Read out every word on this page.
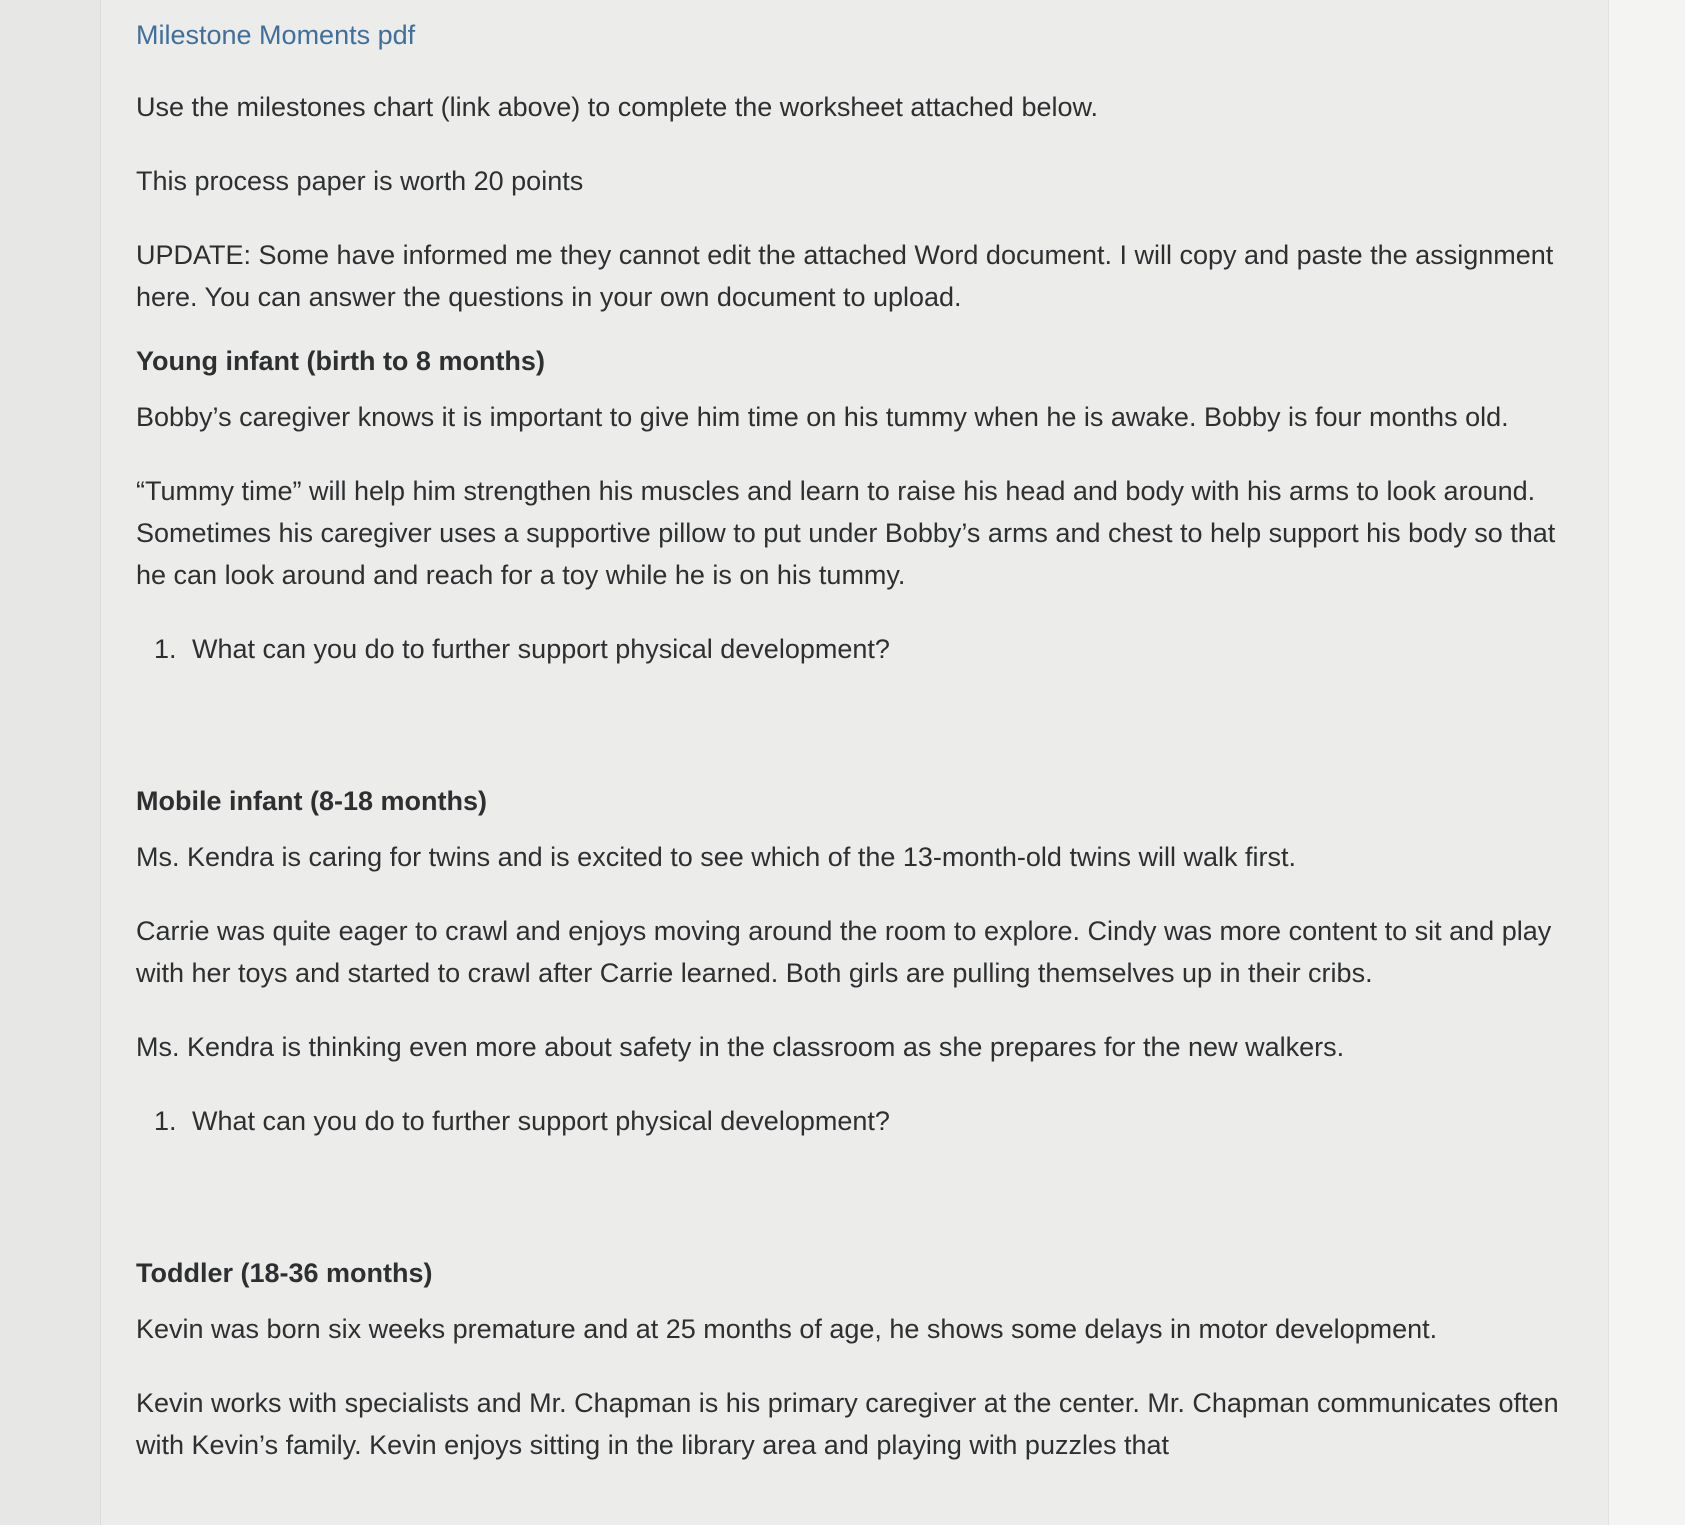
Milestone Moments pdf

Use the milestones chart (link above) to complete the worksheet attached below.

This process paper is worth 20 points

UPDATE: Some have informed me they cannot edit the attached Word document. I will copy and paste the assignment here. You can answer the questions in your own document to upload.

Young infant (birth to 8 months)

Bobby’s caregiver knows it is important to give him time on his tummy when he is awake. Bobby is four months old.

“Tummy time” will help him strengthen his muscles and learn to raise his head and body with his arms to look around. Sometimes his caregiver uses a supportive pillow to put under Bobby’s arms and chest to help support his body so that he can look around and reach for a toy while he is on his tummy.

1. What can you do to further support physical development?

Mobile infant (8-18 months)

Ms. Kendra is caring for twins and is excited to see which of the 13-month-old twins will walk first.

Carrie was quite eager to crawl and enjoys moving around the room to explore. Cindy was more content to sit and play with her toys and started to crawl after Carrie learned. Both girls are pulling themselves up in their cribs.

Ms. Kendra is thinking even more about safety in the classroom as she prepares for the new walkers.

1. What can you do to further support physical development?

Toddler (18-36 months)

Kevin was born six weeks premature and at 25 months of age, he shows some delays in motor development.

Kevin works with specialists and Mr. Chapman is his primary caregiver at the center. Mr. Chapman communicates often with Kevin’s family. Kevin enjoys sitting in the library area and playing with puzzles that
